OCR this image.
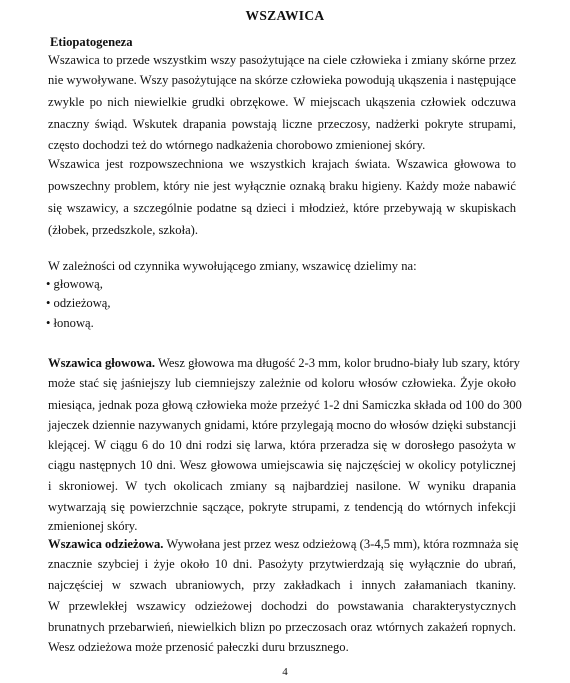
WSZAWICA
Etiopatogeneza
Wszawica to przede wszystkim wszy pasożytujące na ciele człowieka i zmiany skórne przez
nie wywoływane. Wszy pasożytujące na skórze człowieka powodują ukąszenia i następujące
zwykle po nich niewielkie grudki obrzękowe. W miejscach ukąszenia człowiek odczuwa
znaczny świąd. Wskutek drapania powstają liczne przeczosy, nadżerki pokryte strupami,
często dochodzi też do wtórnego nadkażenia chorobowo zmienionej skóry.
Wszawica jest rozpowszechniona we wszystkich krajach świata. Wszawica głowowa to
powszechny problem, który nie jest wyłącznie oznaką braku higieny. Każdy może nabawić
się wszawicy, a szczególnie podatne są dzieci i młodzież, które przebywają w skupiskach
(żłobek, przedszkole, szkoła).
W zależności od czynnika wywołującego zmiany, wszawicę dzielimy na:
• głowową,
• odzieżową,
• łonową.
Wszawica głowowa. Wesz głowowa ma długość 2-3 mm, kolor brudno-biały lub szary, który
może stać się jaśniejszy lub ciemniejszy zależnie od koloru włosów człowieka. Żyje około
miesiąca, jednak poza głową człowieka może przeżyć 1-2 dni Samiczka składa od 100 do 300
jajeczek dziennie nazywanych gnidami, które przylegają mocno do włosów dzięki substancji
klejącej. W ciągu 6 do 10 dni rodzi się larwa, która przeradza się w dorosłego pasożyta w
ciągu następnych 10 dni. Wesz głowowa umiejscawia się najczęściej w okolicy potylicznej
i skroniowej. W tych okolicach zmiany są najbardziej nasilone. W wyniku drapania
wytwarzają się powierzchnie sączące, pokryte strupami, z tendencją do wtórnych infekcji
zmienionej skóry.
Wszawica odzieżowa. Wywołana jest przez wesz odzieżową (3-4,5 mm), która rozmnaża się
znacznie szybciej i żyje około 10 dni. Pasożyty przytwierdzają się wyłącznie do ubrań,
najczęściej w szwach ubraniowych, przy zakładkach i innych załamaniach tkaniny.
W przewlekłej wszawicy odzieżowej dochodzi do powstawania charakterystycznych
brunatnych przebarwień, niewielkich blizn po przeczosach oraz wtórnych zakażeń ropnych.
Wesz odzieżowa może przenosić pałeczki duru brzusznego.
4
